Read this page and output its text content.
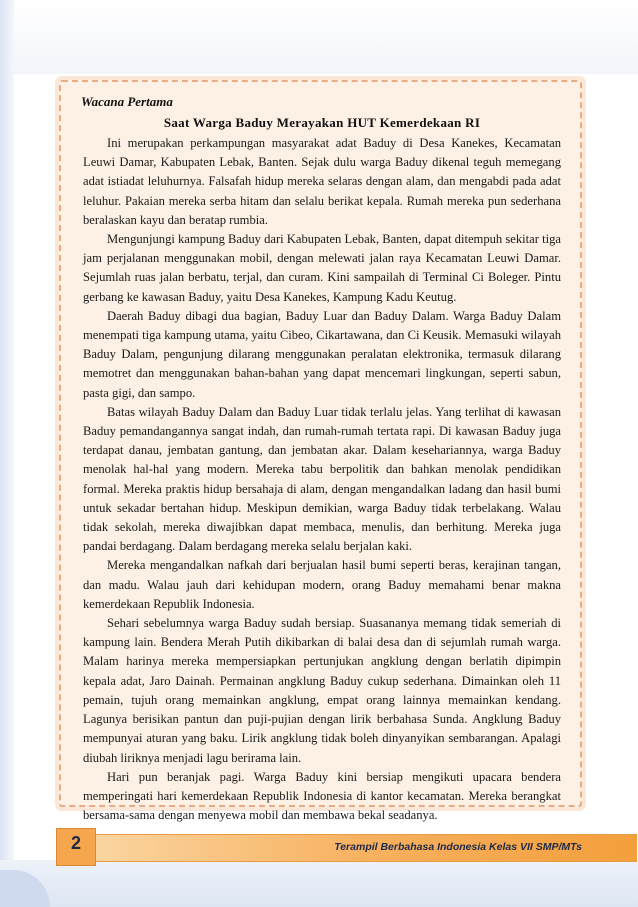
Wacana Pertama
Saat Warga Baduy Merayakan HUT Kemerdekaan RI

Ini merupakan perkampungan masyarakat adat Baduy di Desa Kanekes, Kecamatan Leuwi Damar, Kabupaten Lebak, Banten. Sejak dulu warga Baduy dikenal teguh memegang adat istiadat leluhurnya. Falsafah hidup mereka selaras dengan alam, dan mengabdi pada adat leluhur. Pakaian mereka serba hitam dan selalu berikat kepala. Rumah mereka pun sederhana beralaskan kayu dan beratap rumbia.

Mengunjungi kampung Baduy dari Kabupaten Lebak, Banten, dapat ditempuh sekitar tiga jam perjalanan menggunakan mobil, dengan melewati jalan raya Kecamatan Leuwi Damar. Sejumlah ruas jalan berbatu, terjal, dan curam. Kini sampailah di Terminal Ci Boleger. Pintu gerbang ke kawasan Baduy, yaitu Desa Kanekes, Kampung Kadu Keutug.

Daerah Baduy dibagi dua bagian, Baduy Luar dan Baduy Dalam. Warga Baduy Dalam menempati tiga kampung utama, yaitu Cibeo, Cikartawana, dan Ci Keusik. Memasuki wilayah Baduy Dalam, pengunjung dilarang menggunakan peralatan elektronika, termasuk dilarang memotret dan menggunakan bahan-bahan yang dapat mencemari lingkungan, seperti sabun, pasta gigi, dan sampo.

Batas wilayah Baduy Dalam dan Baduy Luar tidak terlalu jelas. Yang terlihat di kawasan Baduy pemandangannya sangat indah, dan rumah-rumah tertata rapi. Di kawasan Baduy juga terdapat danau, jembatan gantung, dan jembatan akar. Dalam kesehariannya, warga Baduy menolak hal-hal yang modern. Mereka tabu berpolitik dan bahkan menolak pendidikan formal. Mereka praktis hidup bersahaja di alam, dengan mengandalkan ladang dan hasil bumi untuk sekadar bertahan hidup. Meskipun demikian, warga Baduy tidak terbelakang. Walau tidak sekolah, mereka diwajibkan dapat membaca, menulis, dan berhitung. Mereka juga pandai berdagang. Dalam berdagang mereka selalu berjalan kaki.

Mereka mengandalkan nafkah dari berjualan hasil bumi seperti beras, kerajinan tangan, dan madu. Walau jauh dari kehidupan modern, orang Baduy memahami benar makna kemerdekaan Republik Indonesia.

Sehari sebelumnya warga Baduy sudah bersiap. Suasananya memang tidak semeriah di kampung lain. Bendera Merah Putih dikibarkan di balai desa dan di sejumlah rumah warga. Malam harinya mereka mempersiapkan pertunjukan angklung dengan berlatih dipimpin kepala adat, Jaro Dainah. Permainan angklung Baduy cukup sederhana. Dimainkan oleh 11 pemain, tujuh orang memainkan angklung, empat orang lainnya memainkan kendang. Lagunya berisikan pantun dan puji-pujian dengan lirik berbahasa Sunda. Angklung Baduy mempunyai aturan yang baku. Lirik angklung tidak boleh dinyanyikan sembarangan. Apalagi diubah liriknya menjadi lagu berirama lain.

Hari pun beranjak pagi. Warga Baduy kini bersiap mengikuti upacara bendera memperingati hari kemerdekaan Republik Indonesia di kantor kecamatan. Mereka berangkat bersama-sama dengan menyewa mobil dan membawa bekal seadanya.

Terampil Berbahasa Indonesia Kelas VII SMP/MTs
2
